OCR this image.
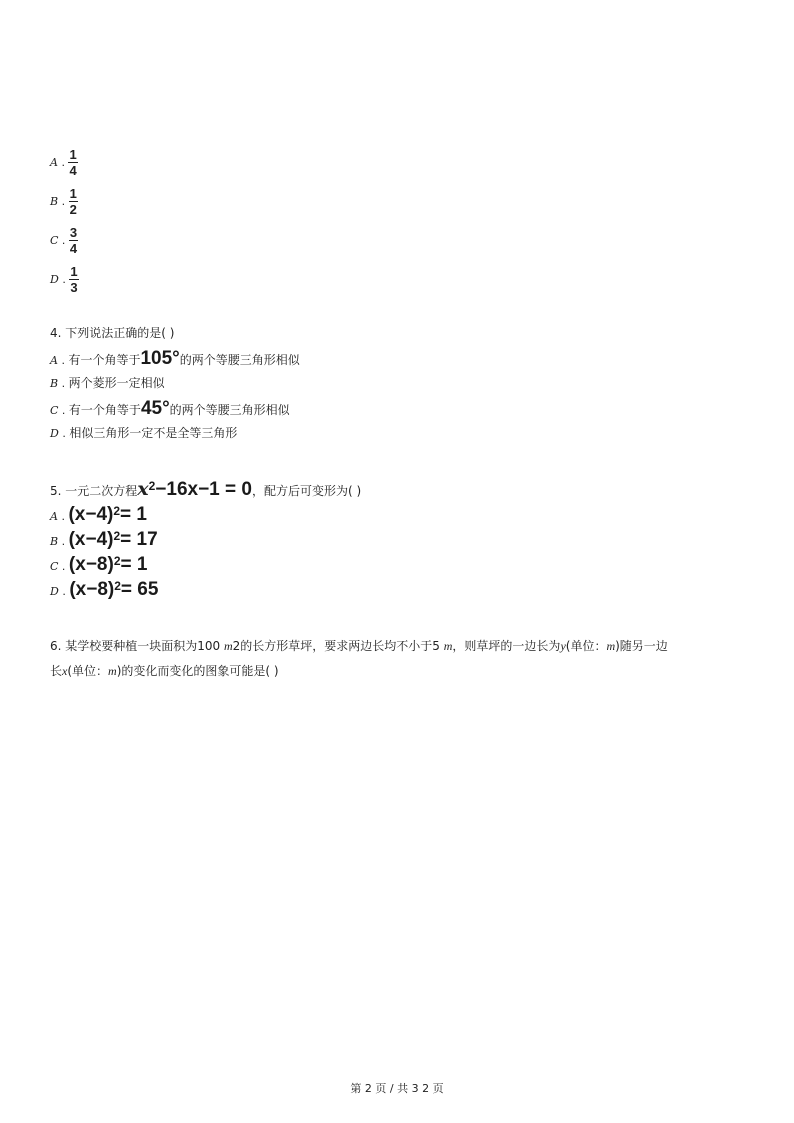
A . $\frac{1}{4}$
B . $\frac{1}{2}$
C . $\frac{3}{4}$
D . $\frac{1}{3}$
4. 下列说法正确的是( )
A . 有一个角等于105°的两个等腰三角形相似
B . 两个菱形一定相似
C . 有一个角等于45°的两个等腰三角形相似
D . 相似三角形一定不是全等三角形
5. 一元二次方程$x^2-16x-1 = 0$，配方后可变形为( )
A . $(x-4)^2= 1$
B . $(x-4)^2= 17$
C . $(x-8)^2= 1$
D . $(x-8)^2= 65$
6. 某学校要种植一块面积为100 m2的长方形草坪，要求两边长均不小于5 m，则草坪的一边长为y(单位：m)随另一边
长x(单位：m)的变化而变化的图象可能是( )
第 2 页 / 共 3 2 页
